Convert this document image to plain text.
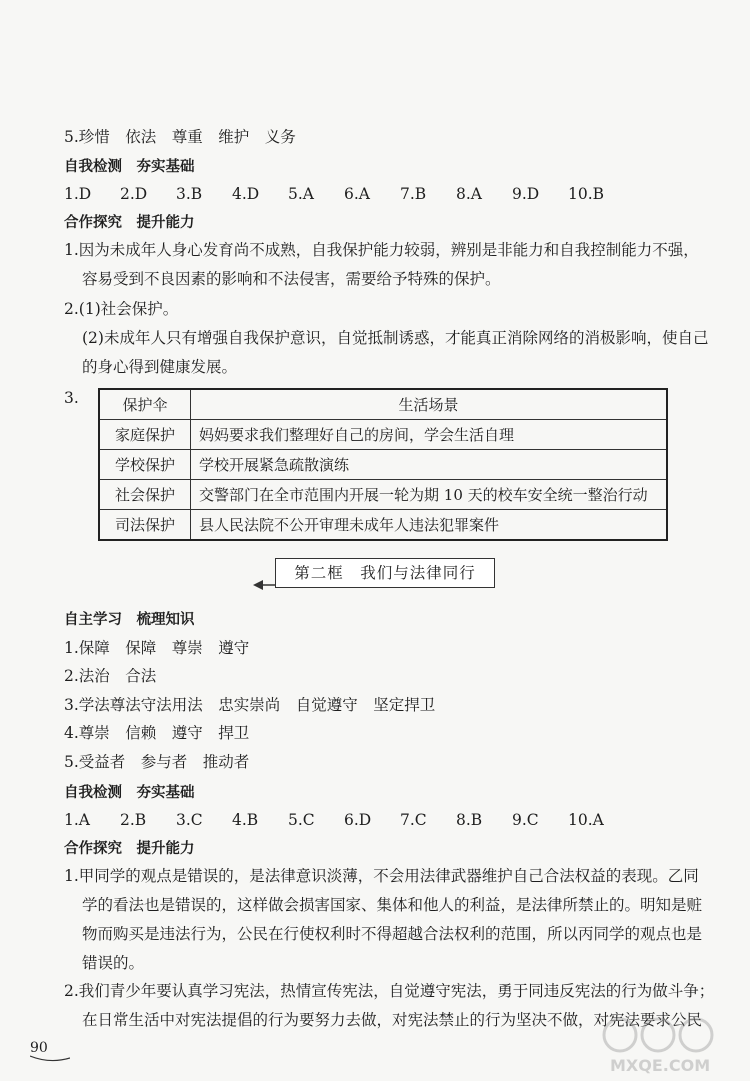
5.珍惜　依法　尊重　维护　义务
自我检测　夯实基础
1.D 2.D 3.B 4.D 5.A 6.A 7.B 8.A 9.D 10.B
合作探究　提升能力
1.因为未成年人身心发育尚不成熟，自我保护能力较弱，辨别是非能力和自我控制能力不强，
容易受到不良因素的影响和不法侵害，需要给予特殊的保护。
2.(1)社会保护。
(2)未成年人只有增强自我保护意识，自觉抵制诱惑，才能真正消除网络的消极影响，使自己
的身心得到健康发展。
3.	保护伞	生活场景
家庭保护	妈妈要求我们整理好自己的房间，学会生活自理
学校保护	学校开展紧急疏散演练
社会保护	交警部门在全市范围内开展一轮为期 10 天的校车安全统一整治行动
司法保护	县人民法院不公开审理未成年人违法犯罪案件
第二框　我们与法律同行
自主学习　梳理知识
1.保障　保障　尊崇　遵守
2.法治　合法
3.学法尊法守法用法　忠实崇尚　自觉遵守　坚定捍卫
4.尊崇　信赖　遵守　捍卫
5.受益者　参与者　推动者
自我检测　夯实基础
1.A 2.B 3.C 4.B 5.C 6.D 7.C 8.B 9.C 10.A
合作探究　提升能力
1.甲同学的观点是错误的，是法律意识淡薄，不会用法律武器维护自己合法权益的表现。乙同
学的看法也是错误的，这样做会损害国家、集体和他人的利益，是法律所禁止的。明知是赃
物而购买是违法行为，公民在行使权利时不得超越合法权利的范围，所以丙同学的观点也是
错误的。
2.我们青少年要认真学习宪法，热情宣传宪法，自觉遵守宪法，勇于同违反宪法的行为做斗争；
在日常生活中对宪法提倡的行为要努力去做，对宪法禁止的行为坚决不做，对宪法要求公民
90
MXQE.COM
